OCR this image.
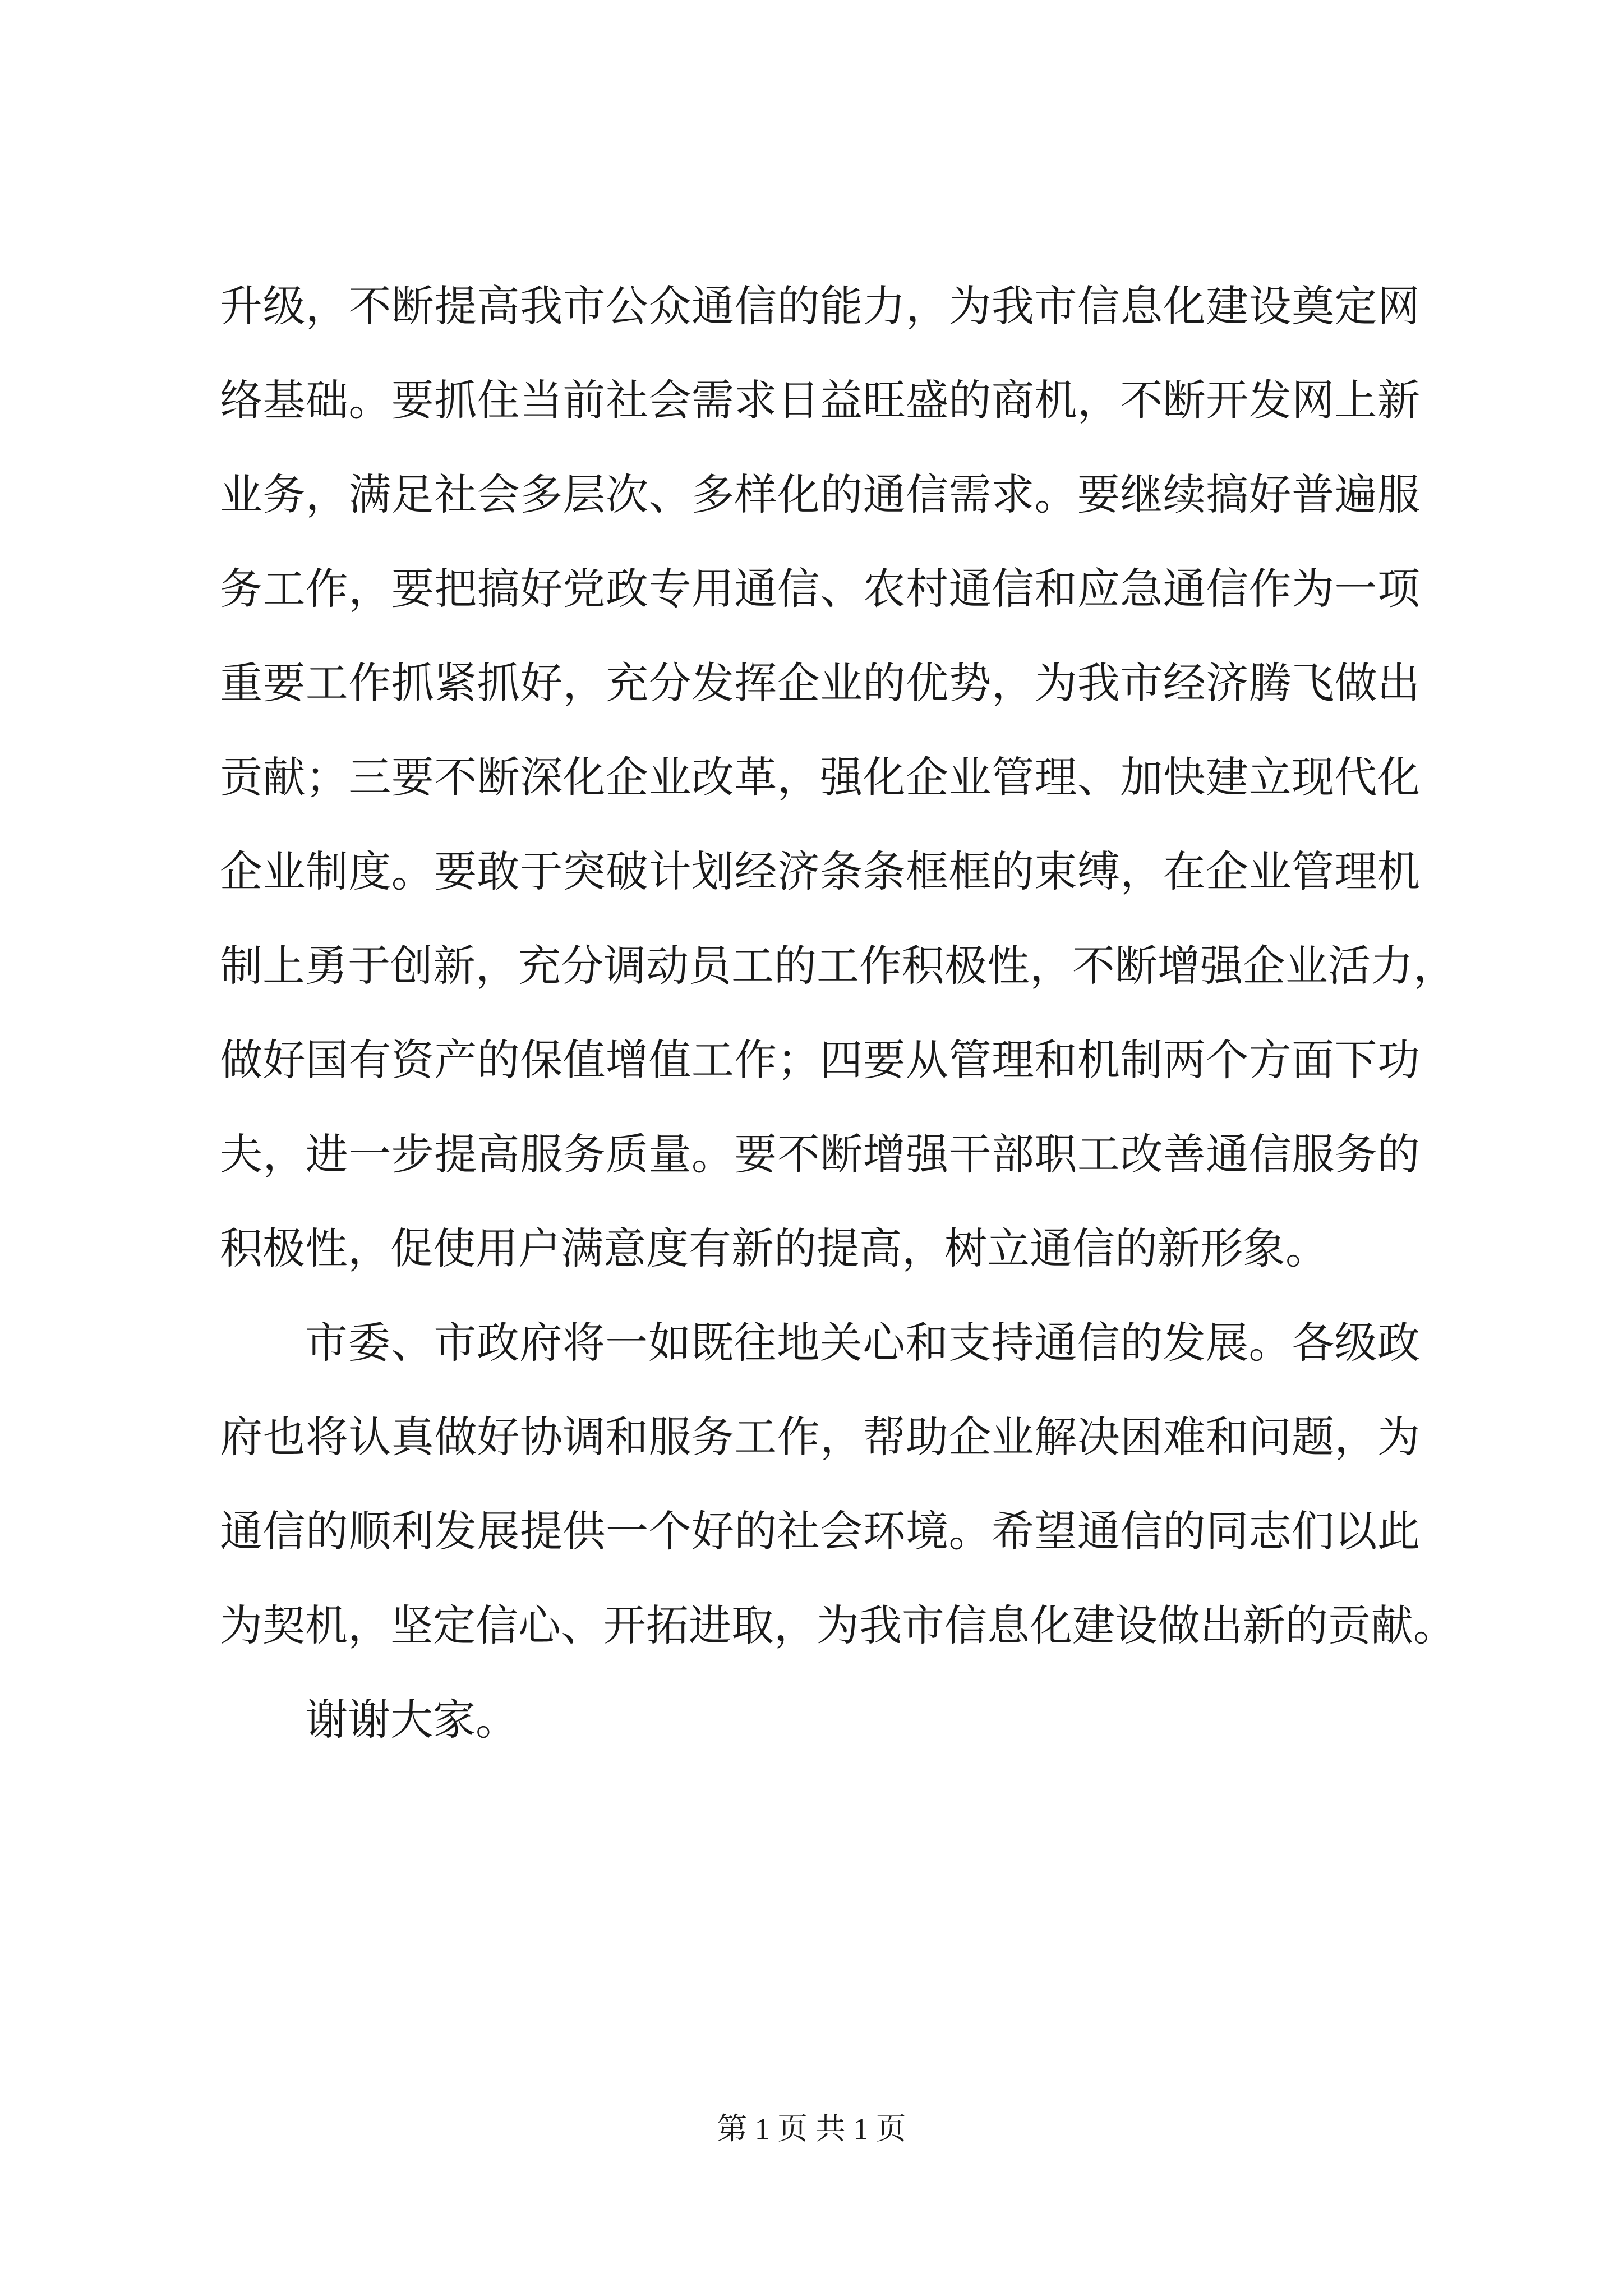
升级，不断提高我市公众通信的能力，为我市信息化建设奠定网
络基础。要抓住当前社会需求日益旺盛的商机，不断开发网上新
业务，满足社会多层次、多样化的通信需求。要继续搞好普遍服
务工作，要把搞好党政专用通信、农村通信和应急通信作为一项
重要工作抓紧抓好，充分发挥企业的优势，为我市经济腾飞做出
贡献；三要不断深化企业改革，强化企业管理、加快建立现代化
企业制度。要敢于突破计划经济条条框框的束缚，在企业管理机
制上勇于创新，充分调动员工的工作积极性，不断增强企业活力，
做好国有资产的保值增值工作；四要从管理和机制两个方面下功
夫，进一步提高服务质量。要不断增强干部职工改善通信服务的
积极性，促使用户满意度有新的提高，树立通信的新形象。
市委、市政府将一如既往地关心和支持通信的发展。各级政
府也将认真做好协调和服务工作，帮助企业解决困难和问题，为
通信的顺利发展提供一个好的社会环境。希望通信的同志们以此
为契机，坚定信心、开拓进取，为我市信息化建设做出新的贡献。
谢谢大家。
第 1 页 共 1 页
